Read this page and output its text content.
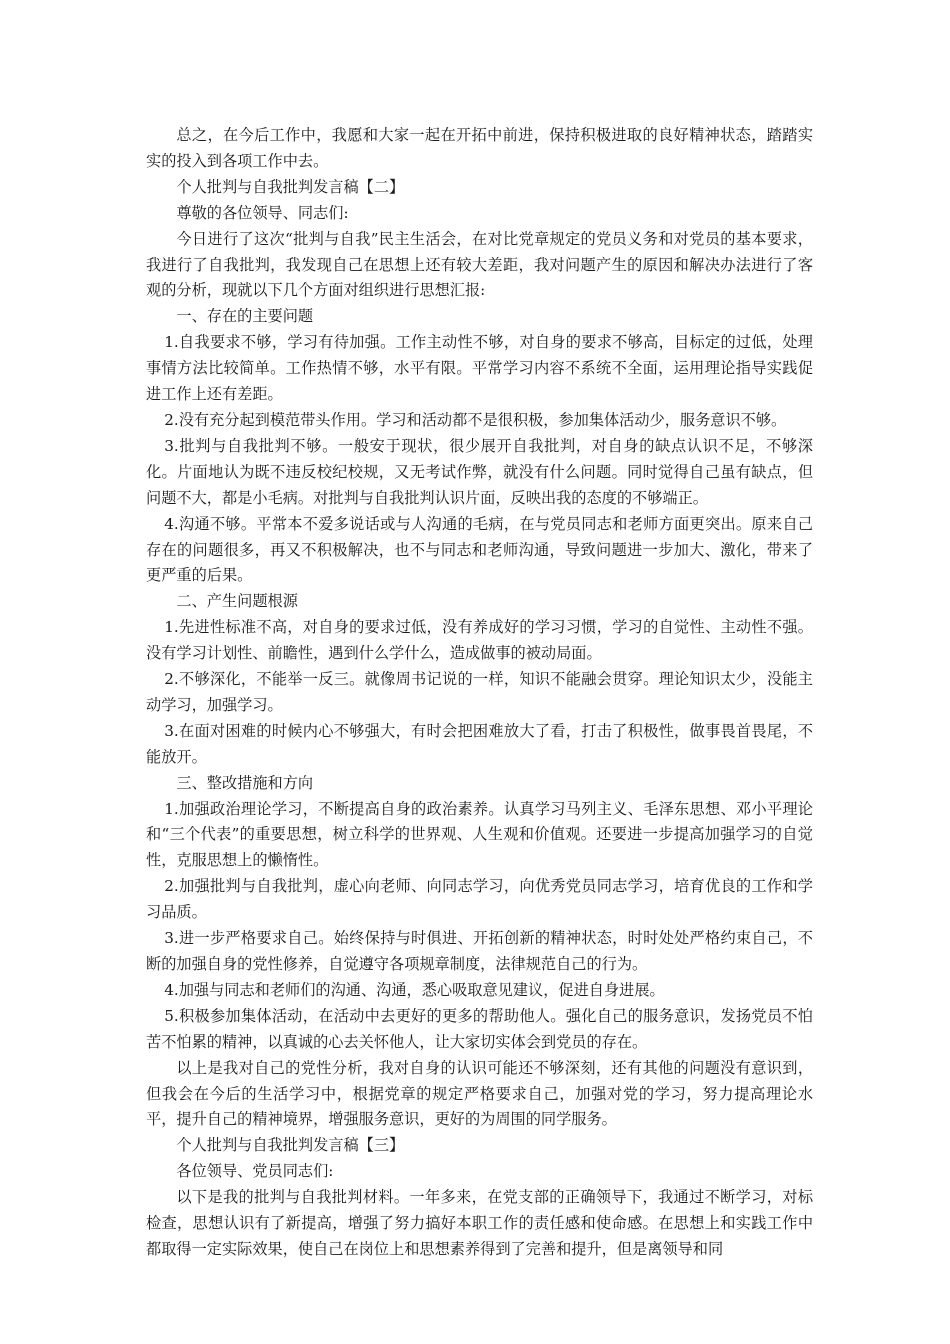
总之，在今后工作中，我愿和大家一起在开拓中前进，保持积极进取的良好精神状态，踏踏实实的投入到各项工作中去。

个人批判与自我批判发言稿【二】

尊敬的各位领导、同志们:

今日进行了这次“批判与自我”民主生活会，在对比党章规定的党员义务和对党员的基本要求，我进行了自我批判，我发现自己在思想上还有较大差距，我对问题产生的原因和解决办法进行了客观的分析，现就以下几个方面对组织进行思想汇报:

一、存在的主要问题

1.自我要求不够，学习有待加强。工作主动性不够，对自身的要求不够高，目标定的过低，处理事情方法比较简单。工作热情不够，水平有限。平常学习内容不系统不全面，运用理论指导实践促进工作上还有差距。

2.没有充分起到模范带头作用。学习和活动都不是很积极，参加集体活动少，服务意识不够。

3.批判与自我批判不够。一般安于现状，很少展开自我批判，对自身的缺点认识不足，不够深化。片面地认为既不违反校纪校规，又无考试作弊，就没有什么问题。同时觉得自己虽有缺点，但问题不大，都是小毛病。对批判与自我批判认识片面，反映出我的态度的不够端正。

4.沟通不够。平常本不爱多说话或与人沟通的毛病，在与党员同志和老师方面更突出。原来自己存在的问题很多，再又不积极解决，也不与同志和老师沟通，导致问题进一步加大、激化，带来了更严重的后果。

二、产生问题根源

1.先进性标准不高，对自身的要求过低，没有养成好的学习习惯，学习的自觉性、主动性不强。没有学习计划性、前瞻性，遇到什么学什么，造成做事的被动局面。

2.不够深化，不能举一反三。就像周书记说的一样，知识不能融会贯穿。理论知识太少，没能主动学习，加强学习。

3.在面对困难的时候内心不够强大，有时会把困难放大了看，打击了积极性，做事畏首畏尾，不能放开。

三、整改措施和方向

1.加强政治理论学习，不断提高自身的政治素养。认真学习马列主义、毛泽东思想、邓小平理论和“三个代表”的重要思想，树立科学的世界观、人生观和价值观。还要进一步提高加强学习的自觉性，克服思想上的懒惰性。

2.加强批判与自我批判，虚心向老师、向同志学习，向优秀党员同志学习，培育优良的工作和学习品质。

3.进一步严格要求自己。始终保持与时俱进、开拓创新的精神状态，时时处处严格约束自己，不断的加强自身的党性修养，自觉遵守各项规章制度，法律规范自己的行为。

4.加强与同志和老师们的沟通、沟通，悉心吸取意见建议，促进自身进展。

5.积极参加集体活动，在活动中去更好的更多的帮助他人。强化自己的服务意识，发扬党员不怕苦不怕累的精神，以真诚的心去关怀他人，让大家切实体会到党员的存在。

以上是我对自己的党性分析，我对自身的认识可能还不够深刻，还有其他的问题没有意识到，但我会在今后的生活学习中，根据党章的规定严格要求自己，加强对党的学习，努力提高理论水平，提升自己的精神境界，增强服务意识，更好的为周围的同学服务。

个人批判与自我批判发言稿【三】

各位领导、党员同志们:

以下是我的批判与自我批判材料。一年多来，在党支部的正确领导下，我通过不断学习，对标检查，思想认识有了新提高，增强了努力搞好本职工作的责任感和使命感。在思想上和实践工作中都取得一定实际效果，使自己在岗位上和思想素养得到了完善和提升，但是离领导和同
